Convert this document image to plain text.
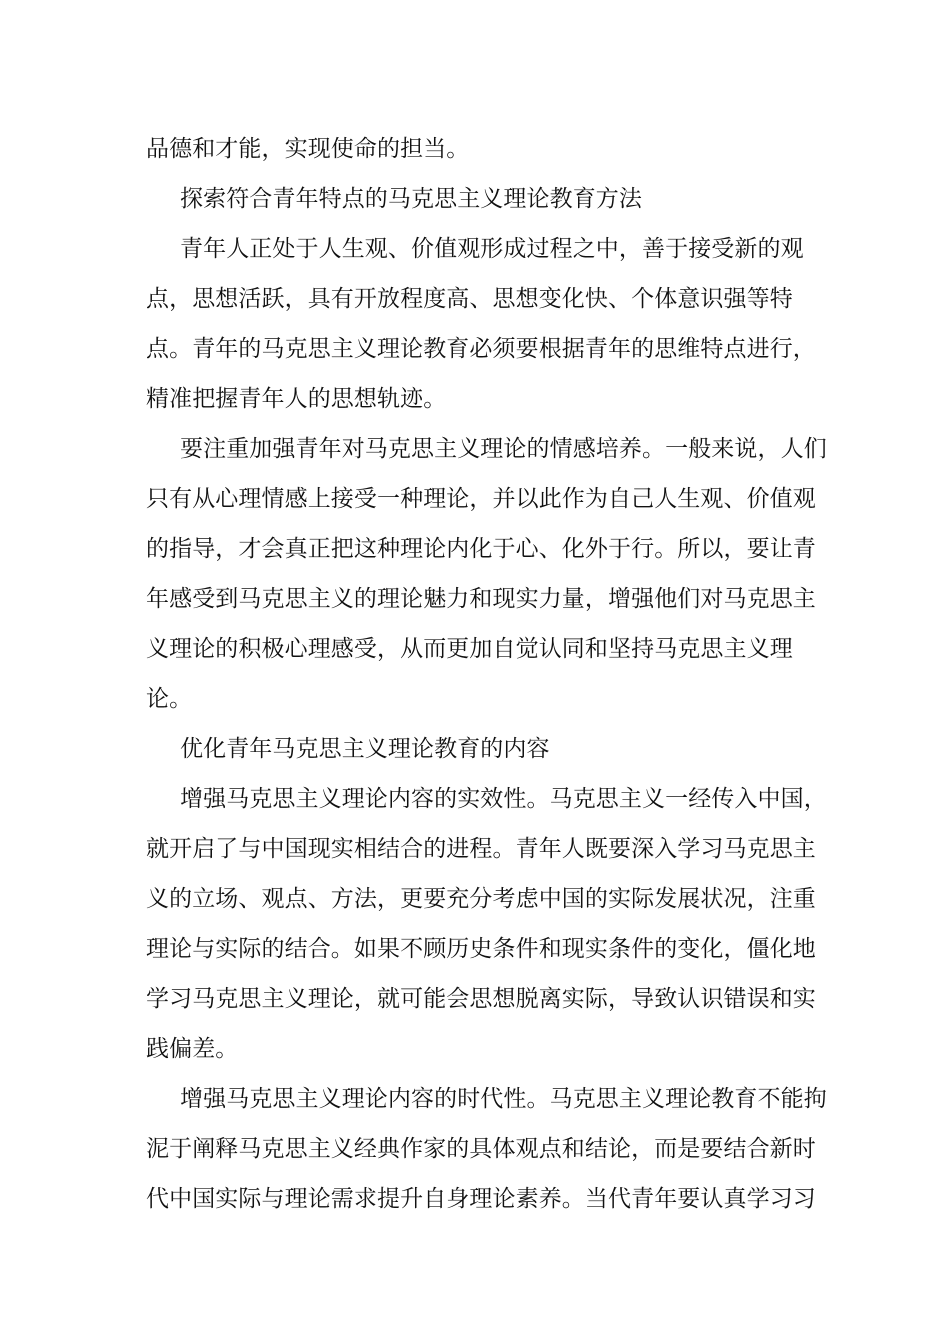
品德和才能，实现使命的担当。
探索符合青年特点的马克思主义理论教育方法
青年人正处于人生观、价值观形成过程之中，善于接受新的观
点，思想活跃，具有开放程度高、思想变化快、个体意识强等特
点。青年的马克思主义理论教育必须要根据青年的思维特点进行，
精准把握青年人的思想轨迹。
要注重加强青年对马克思主义理论的情感培养。一般来说，人们
只有从心理情感上接受一种理论，并以此作为自己人生观、价值观
的指导，才会真正把这种理论内化于心、化外于行。所以，要让青
年感受到马克思主义的理论魅力和现实力量，增强他们对马克思主
义理论的积极心理感受，从而更加自觉认同和坚持马克思主义理
论。
优化青年马克思主义理论教育的内容
增强马克思主义理论内容的实效性。马克思主义一经传入中国，
就开启了与中国现实相结合的进程。青年人既要深入学习马克思主
义的立场、观点、方法，更要充分考虑中国的实际发展状况，注重
理论与实际的结合。如果不顾历史条件和现实条件的变化，僵化地
学习马克思主义理论，就可能会思想脱离实际，导致认识错误和实
践偏差。
增强马克思主义理论内容的时代性。马克思主义理论教育不能拘
泥于阐释马克思主义经典作家的具体观点和结论，而是要结合新时
代中国实际与理论需求提升自身理论素养。当代青年要认真学习习
